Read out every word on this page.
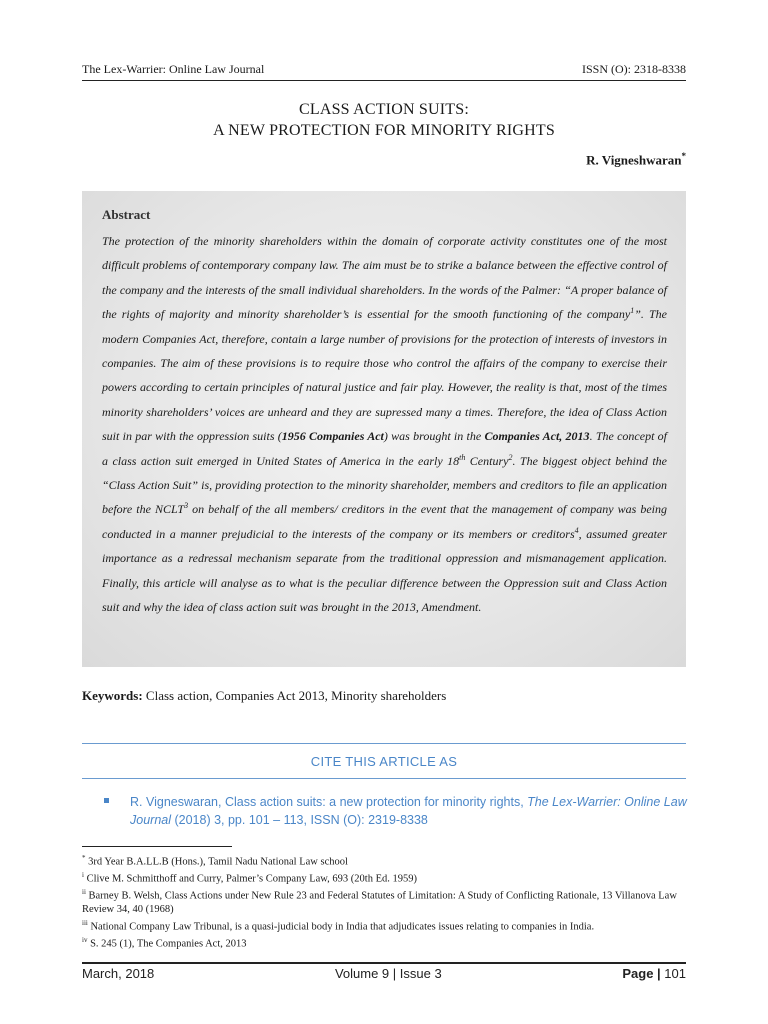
The Lex-Warrier: Online Law Journal	ISSN (O): 2318-8338
CLASS ACTION SUITS:
A NEW PROTECTION FOR MINORITY RIGHTS
R. Vigneshwaran*
Abstract
The protection of the minority shareholders within the domain of corporate activity constitutes one of the most difficult problems of contemporary company law. The aim must be to strike a balance between the effective control of the company and the interests of the small individual shareholders. In the words of the Palmer: “A proper balance of the rights of majority and minority shareholder’s is essential for the smooth functioning of the company$^1$”. The modern Companies Act, therefore, contain a large number of provisions for the protection of interests of investors in companies. The aim of these provisions is to require those who control the affairs of the company to exercise their powers according to certain principles of natural justice and fair play. However, the reality is that, most of the times minority shareholders’ voices are unheard and they are supressed many a times. Therefore, the idea of Class Action suit in par with the oppression suits (1956 Companies Act) was brought in the Companies Act, 2013. The concept of a class action suit emerged in United States of America in the early 18th Century$^2$. The biggest object behind the “Class Action Suit” is, providing protection to the minority shareholder, members and creditors to file an application before the NCLT$^3$ on behalf of the all members/ creditors in the event that the management of company was being conducted in a manner prejudicial to the interests of the company or its members or creditors$^4$, assumed greater importance as a redressal mechanism separate from the traditional oppression and mismanagement application. Finally, this article will analyse as to what is the peculiar difference between the Oppression suit and Class Action suit and why the idea of class action suit was brought in the 2013, Amendment.
Keywords: Class action, Companies Act 2013, Minority shareholders
CITE THIS ARTICLE AS
R. Vigneswaran, Class action suits: a new protection for minority rights, The Lex-Warrier: Online Law Journal (2018) 3, pp. 101 – 113, ISSN (O): 2319-8338
* 3rd Year B.A.LL.B (Hons.), Tamil Nadu National Law school
$^i$ Clive M. Schmitthoff and Curry, Palmer’s Company Law, 693 (20th Ed. 1959)
$^{ii}$ Barney B. Welsh, Class Actions under New Rule 23 and Federal Statutes of Limitation: A Study of Conflicting Rationale, 13 Villanova Law Review 34, 40 (1968)
$^{iii}$ National Company Law Tribunal, is a quasi-judicial body in India that adjudicates issues relating to companies in India.
$^{iv}$ S. 245 (1), The Companies Act, 2013
March, 2018	Volume 9 | Issue 3	Page | 101
